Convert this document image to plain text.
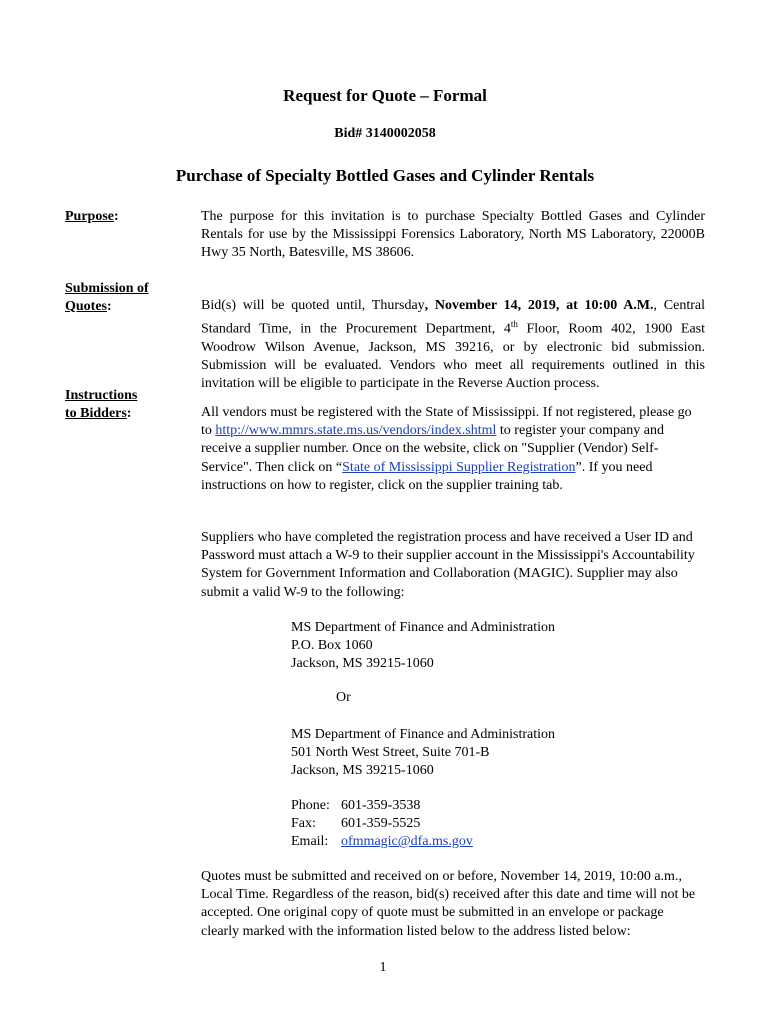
Request for Quote – Formal
Bid# 3140002058
Purchase of Specialty Bottled Gases and Cylinder Rentals
Purpose:	The purpose for this invitation is to purchase Specialty Bottled Gases and Cylinder Rentals for use by the Mississippi Forensics Laboratory, North MS Laboratory, 22000B Hwy 35 North, Batesville, MS 38606.
Submission of
Quotes:	Bid(s) will be quoted until, Thursday, November 14, 2019, at 10:00 A.M., Central Standard Time, in the Procurement Department, 4th Floor, Room 402, 1900 East Woodrow Wilson Avenue, Jackson, MS 39216, or by electronic bid submission. Submission will be evaluated. Vendors who meet all requirements outlined in this invitation will be eligible to participate in the Reverse Auction process.
Instructions
to Bidders:	All vendors must be registered with the State of Mississippi. If not registered, please go to http://www.mmrs.state.ms.us/vendors/index.shtml to register your company and receive a supplier number. Once on the website, click on "Supplier (Vendor) Self-Service". Then click on “State of Mississippi Supplier Registration”. If you need instructions on how to register, click on the supplier training tab.
Suppliers who have completed the registration process and have received a User ID and Password must attach a W-9 to their supplier account in the Mississippi's Accountability System for Government Information and Collaboration (MAGIC). Supplier may also submit a valid W-9 to the following:
MS Department of Finance and Administration
P.O. Box 1060
Jackson, MS 39215-1060
Or
MS Department of Finance and Administration
501 North West Street, Suite 701-B
Jackson, MS 39215-1060
Phone: 601-359-3538
Fax: 601-359-5525
Email: ofmmagic@dfa.ms.gov
Quotes must be submitted and received on or before, November 14, 2019, 10:00 a.m., Local Time. Regardless of the reason, bid(s) received after this date and time will not be accepted. One original copy of quote must be submitted in an envelope or package clearly marked with the information listed below to the address listed below:
1
